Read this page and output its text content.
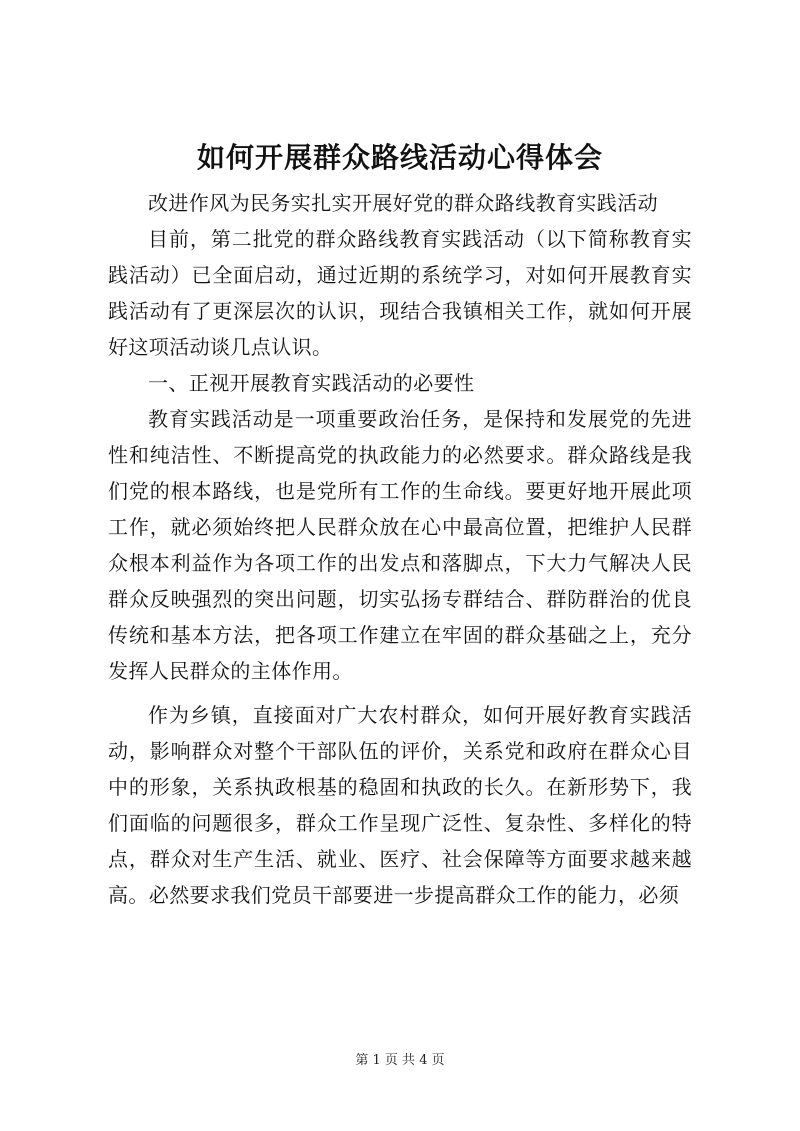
如何开展群众路线活动心得体会

改进作风为民务实扎实开展好党的群众路线教育实践活动

目前，第二批党的群众路线教育实践活动（以下简称教育实践活动）已全面启动，通过近期的系统学习，对如何开展教育实践活动有了更深层次的认识，现结合我镇相关工作，就如何开展好这项活动谈几点认识。

一、正视开展教育实践活动的必要性

教育实践活动是一项重要政治任务，是保持和发展党的先进性和纯洁性、不断提高党的执政能力的必然要求。群众路线是我们党的根本路线，也是党所有工作的生命线。要更好地开展此项工作，就必须始终把人民群众放在心中最高位置，把维护人民群众根本利益作为各项工作的出发点和落脚点，下大力气解决人民群众反映强烈的突出问题，切实弘扬专群结合、群防群治的优良传统和基本方法，把各项工作建立在牢固的群众基础之上，充分发挥人民群众的主体作用。

作为乡镇，直接面对广大农村群众，如何开展好教育实践活动，影响群众对整个干部队伍的评价，关系党和政府在群众心目中的形象，关系执政根基的稳固和执政的长久。在新形势下，我们面临的问题很多，群众工作呈现广泛性、复杂性、多样化的特点，群众对生产生活、就业、医疗、社会保障等方面要求越来越高。必然要求我们党员干部要进一步提高群众工作的能力，必须

第 1 页 共 4 页
